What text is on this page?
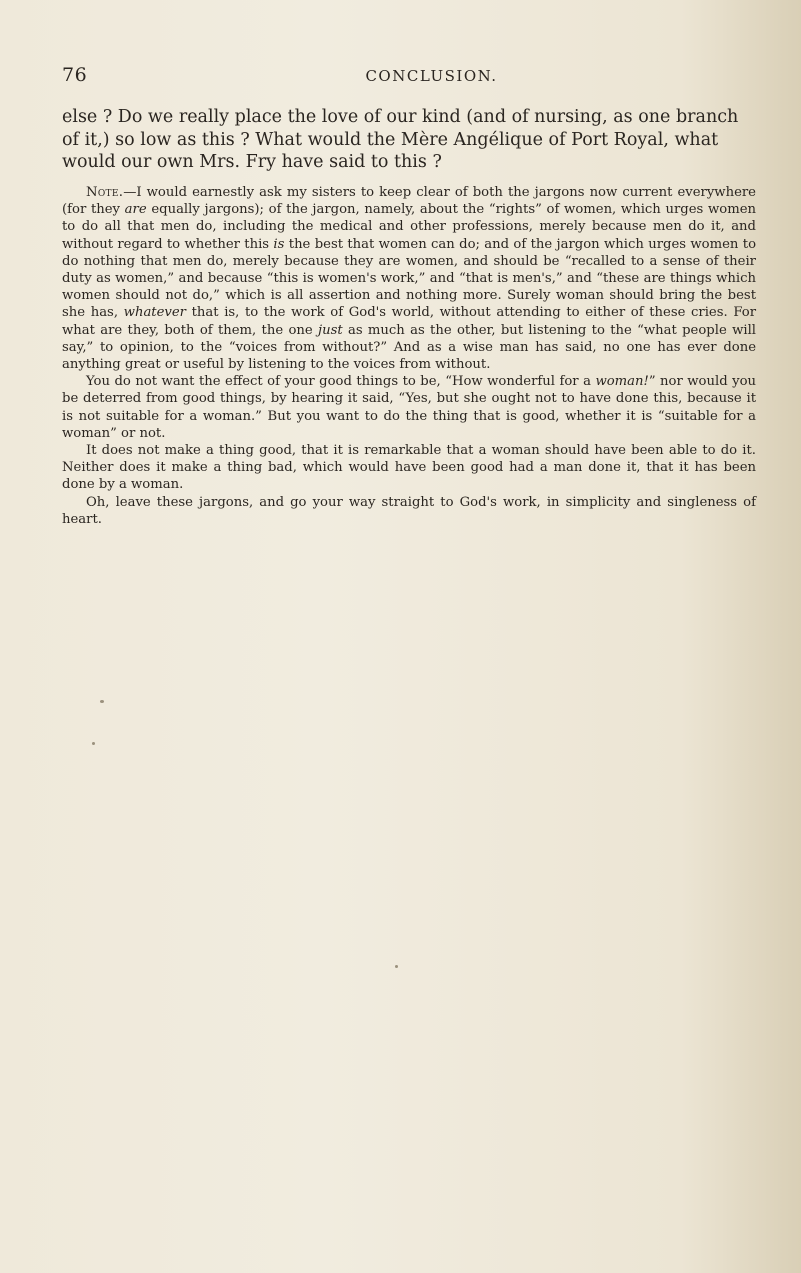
76	CONCLUSION.

else ? Do we really place the love of our kind (and of nursing, as one branch of it,) so low as this ? What would the Mère Angélique of Port Royal, what would our own Mrs. Fry have said to this ?

Note.—I would earnestly ask my sisters to keep clear of both the jargons now current everywhere (for they are equally jargons); of the jargon, namely, about the “rights” of women, which urges women to do all that men do, including the medical and other professions, merely because men do it, and without regard to whether this is the best that women can do; and of the jargon which urges women to do nothing that men do, merely because they are women, and should be “recalled to a sense of their duty as women,” and because “this is women's work,” and “that is men's,” and “these are things which women should not do,” which is all assertion and nothing more. Surely woman should bring the best she has, whatever that is, to the work of God's world, without attending to either of these cries. For what are they, both of them, the one just as much as the other, but listening to the “what people will say,” to opinion, to the “voices from without?” And as a wise man has said, no one has ever done anything great or useful by listening to the voices from without.

You do not want the effect of your good things to be, “How wonderful for a woman!” nor would you be deterred from good things, by hearing it said, “Yes, but she ought not to have done this, because it is not suitable for a woman.” But you want to do the thing that is good, whether it is “suitable for a woman” or not.

It does not make a thing good, that it is remarkable that a woman should have been able to do it. Neither does it make a thing bad, which would have been good had a man done it, that it has been done by a woman.

Oh, leave these jargons, and go your way straight to God's work, in simplicity and singleness of heart.
